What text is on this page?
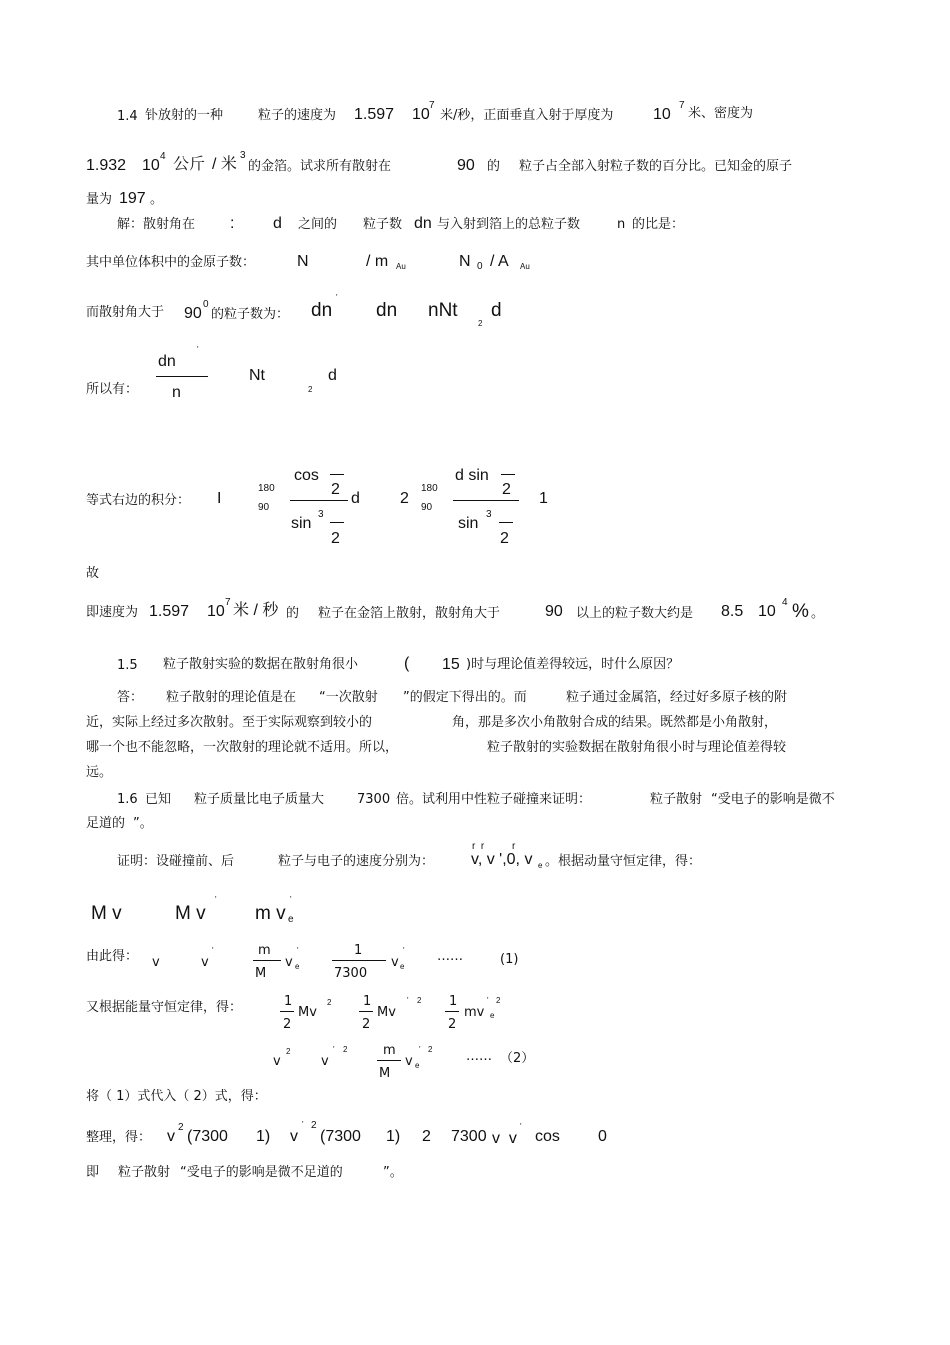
1.4 钋放射的一种	粒子的速度为 1.597 10
7
米/秒，正面垂直入射于厚度为 10
7
米、密度为
1.932 10
4 公斤 / 米
3
的金箔。试求所有散射在	90 的 粒子占全部入射粒子数的百分比。已知金的原子
量为 197 。
解：散射角在 : d 之间的 粒子数 dn 与入射到箔上的总粒子数	n 的比是：
其中单位体积中的金原子数：	N	/ m Au	N 0 / A Au
而散射角大于 90
0
的粒子数为： dn
'
dn nNt
2
d
所以有：
dn
'
n
Nt
2
d
等式右边的积分： I
180
90
cos
2
sin
3
2
d	2
180
90
d sin
2
sin
3
2
1
故
即速度为 1.597 10
7 米 / 秒 的 粒子在金箔上散射，散射角大于	90 以上的粒子数大约是 8.5 10
4 % 。
1.5 粒子散射实验的数据在散射角很小	( 15 )时与理论值差得较远，时什么原因？
答： 粒子散射的理论值是在 “一次散射 ”的假定下得出的。而	粒子通过金属箔，经过好多原子核的附
近，实际上经过多次散射。至于实际观察到较小的	角，那是多次小角散射合成的结果。既然都是小角散射，
哪一个也不能忽略，一次散射的理论就不适用。所以，	粒子散射的实验数据在散射角很小时与理论值差得较
远。
1.6 已知 粒子质量比电子质量大	7300 倍。试利用中性粒子碰撞来证明：	粒子散射 “受电子的影响是微不
足道的 ”。
证明：设碰撞前、后	粒子与电子的速度分别为：
r  r          r
v, v ',0, v e 。根据动量守恒定律，得：
M v	M v
'
m v
'
e
由此得： v	v
'	m
M
v e
'	1
7300
v e
' ……	(1)
又根据能量守恒定律，得：	1
2
Mv
2 1
2
Mv
' 2 1
2
mv
' 2
e
v
2
v
' 2	m
M
v e
' 2	…… （2）
将（ 1）式代入（ 2）式，得：
整理，得： v
2
(7300 1) v
' 2
(7300 1) 2 7300 v  v
'
cos 0
即 粒子散射 “受电子的影响是微不足道的	”。
